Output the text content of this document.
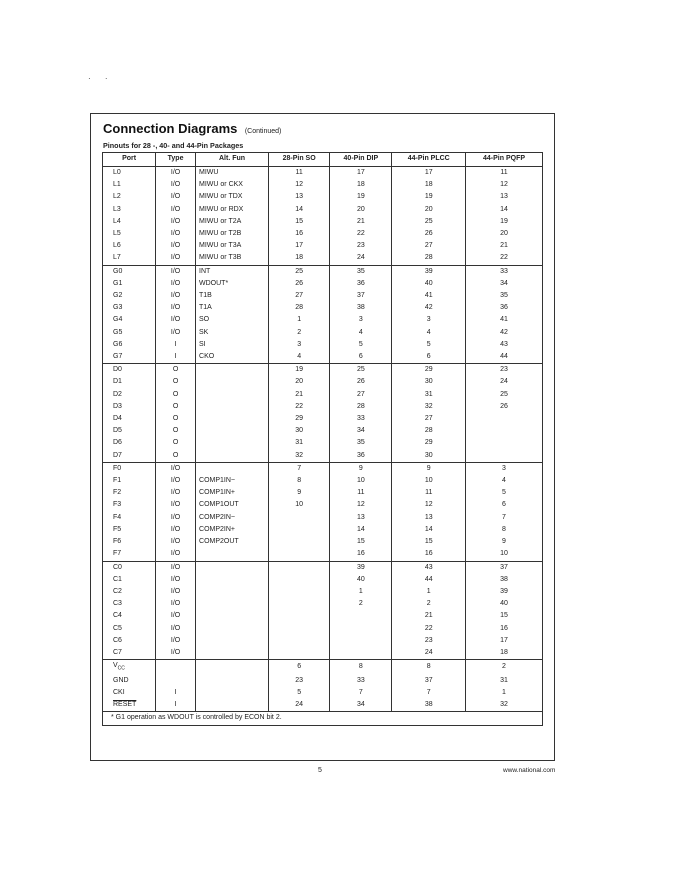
· ·
Connection Diagrams (Continued)
Pinouts for 28 -, 40- and 44-Pin Packages
Port	Type	Alt. Fun	28-Pin SO	40-Pin DIP	44-Pin PLCC	44-Pin PQFP
L0	I/O	MIWU	11	17	17	11
L1	I/O	MIWU or CKX	12	18	18	12
L2	I/O	MIWU or TDX	13	19	19	13
L3	I/O	MIWU or RDX	14	20	20	14
L4	I/O	MIWU or T2A	15	21	25	19
L5	I/O	MIWU or T2B	16	22	26	20
L6	I/O	MIWU or T3A	17	23	27	21
L7	I/O	MIWU or T3B	18	24	28	22
G0	I/O	INT	25	35	39	33
G1	I/O	WDOUT*	26	36	40	34
G2	I/O	T1B	27	37	41	35
G3	I/O	T1A	28	38	42	36
G4	I/O	SO	1	3	3	41
G5	I/O	SK	2	4	4	42
G6	I	SI	3	5	5	43
G7	I	CKO	4	6	6	44
D0	O		19	25	29	23
D1	O		20	26	30	24
D2	O		21	27	31	25
D3	O		22	28	32	26
D4	O		29	33	27	
D5	O		30	34	28	
D6	O		31	35	29	
D7	O		32	36	30	
F0	I/O		7	9	9	3
F1	I/O	COMP1IN−	8	10	10	4
F2	I/O	COMP1IN+	9	11	11	5
F3	I/O	COMP1OUT	10	12	12	6
F4	I/O	COMP2IN−		13	13	7
F5	I/O	COMP2IN+		14	14	8
F6	I/O	COMP2OUT		15	15	9
F7	I/O			16	16	10
C0	I/O			39	43	37
C1	I/O			40	44	38
C2	I/O			1	1	39
C3	I/O			2	2	40
C4	I/O				21	15
C5	I/O				22	16
C6	I/O				23	17
C7	I/O				24	18
$V_{CC}$			6	8	8	2
GND			23	33	37	31
CKI	I		5	7	7	1
RESET	I		24	34	38	32
* G1 operation as WDOUT is controlled by ECON bit 2.						
5	www.national.com
